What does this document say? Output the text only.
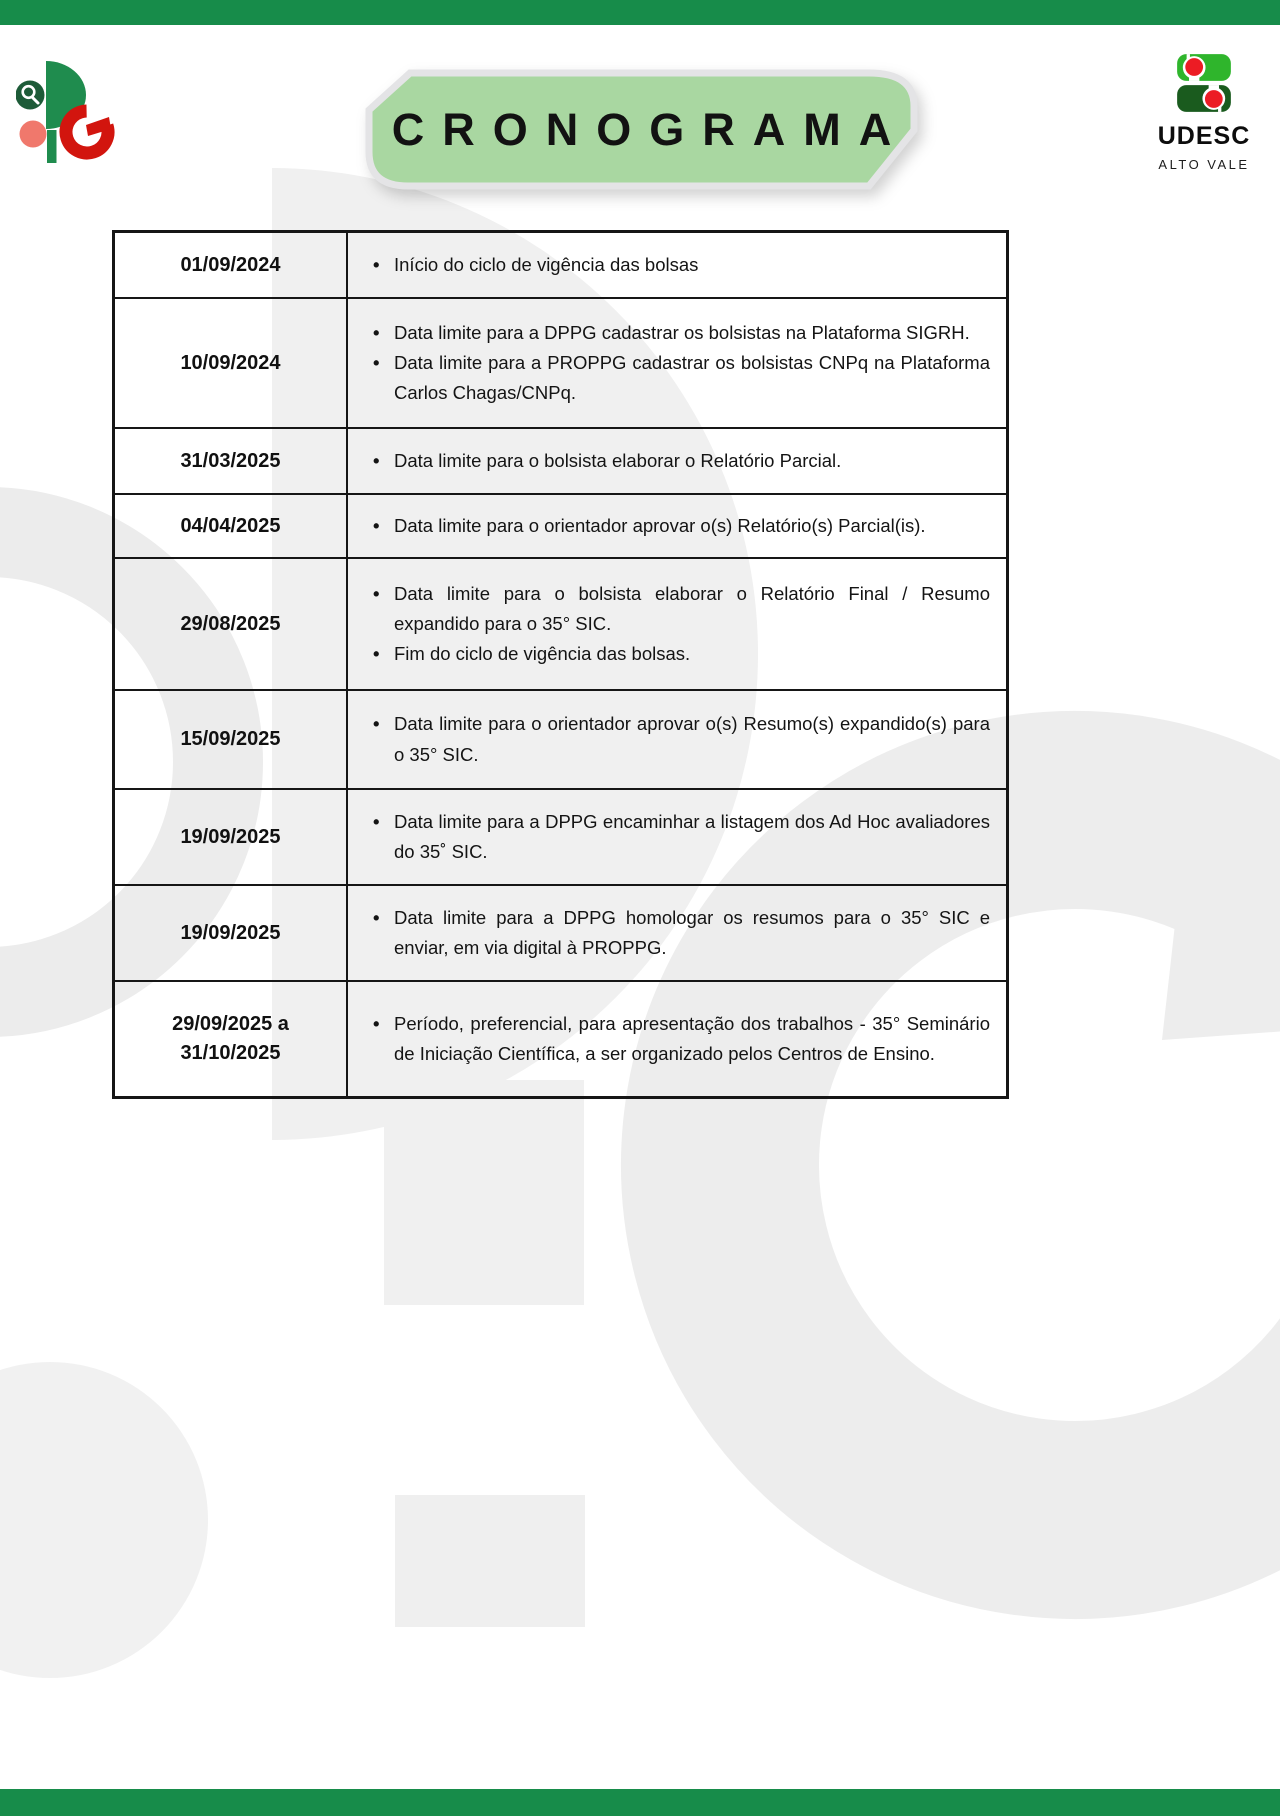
CRONOGRAMA	UDESC
ALTO VALE
01/09/2024	• Início do ciclo de vigência das bolsas
10/09/2024
• Data limite para a DPPG cadastrar os bolsistas na Plataforma SIGRH.
• Data limite para a PROPPG cadastrar os bolsistas CNPq na Plataforma Carlos Chagas/CNPq.
31/03/2025	• Data limite para o bolsista elaborar o Relatório Parcial.
04/04/2025	• Data limite para o orientador aprovar o(s) Relatório(s) Parcial(is).
29/08/2025
• Data limite para o bolsista elaborar o Relatório Final / Resumo expandido para o 35° SIC.
• Fim do ciclo de vigência das bolsas.
15/09/2025
• Data limite para o orientador aprovar o(s) Resumo(s) expandido(s) para o 35° SIC.
19/09/2025
• Data limite para a DPPG encaminhar a listagem dos Ad Hoc avaliadores do 35˚ SIC.
19/09/2025
• Data limite para a DPPG homologar os resumos para o 35° SIC e enviar, em via digital à PROPPG.
29/09/2025 a 31/10/2025
• Período, preferencial, para apresentação dos trabalhos - 35° Seminário de Iniciação Científica, a ser organizado pelos Centros de Ensino.
